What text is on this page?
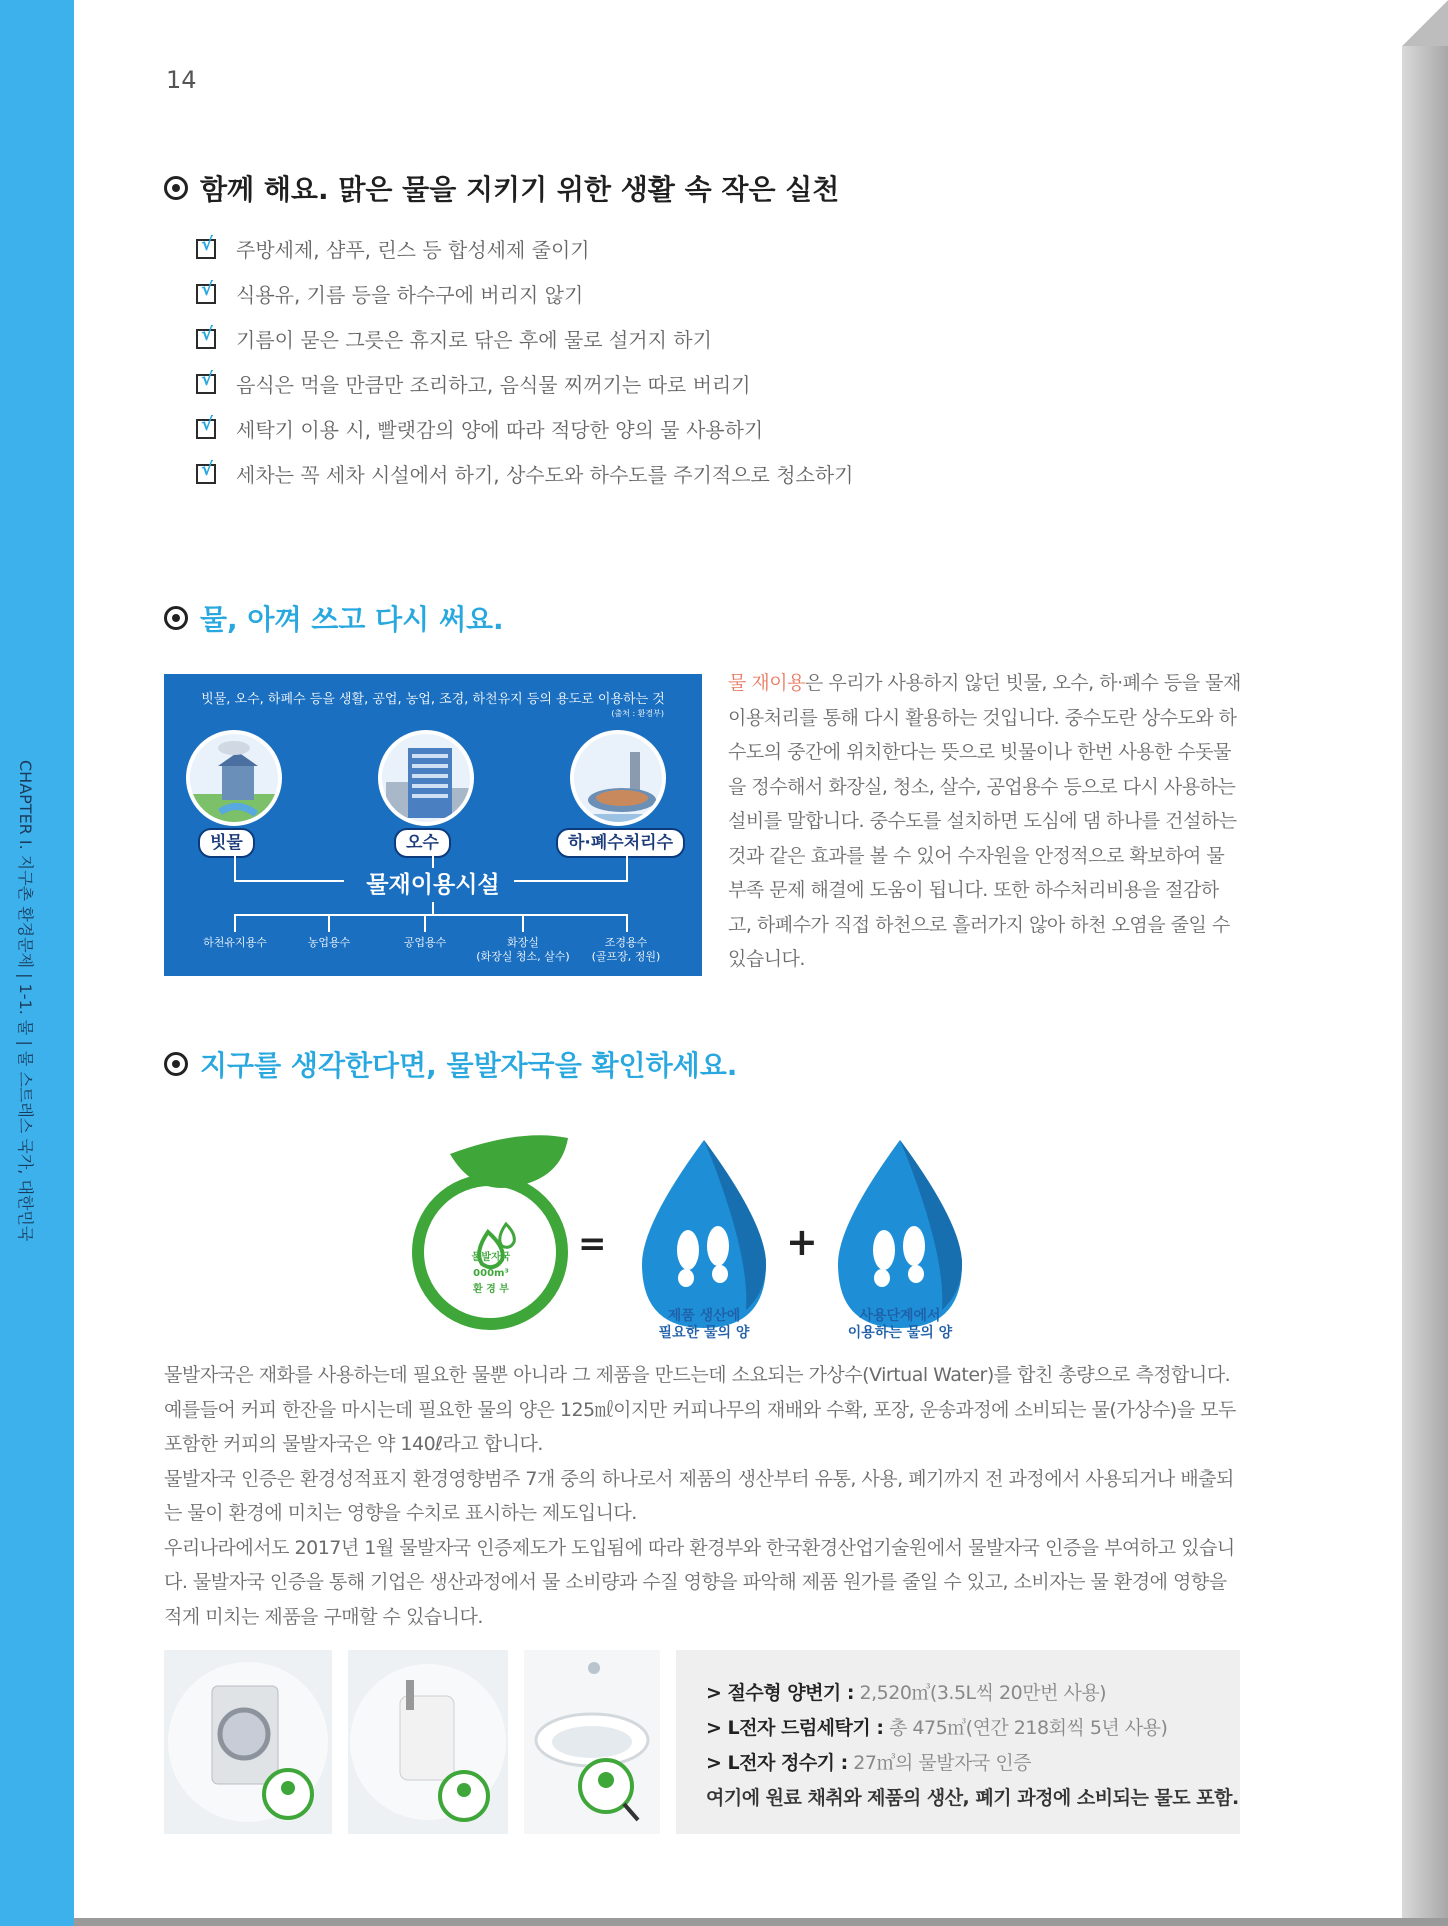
CHAPTER I. 지구촌 환경문제 | 1-1. 물 | 물 스트레스 국가, 대한민국
14
함께 해요. 맑은 물을 지키기 위한 생활 속 작은 실천
√ 주방세제, 샴푸, 린스 등 합성세제 줄이기
√ 식용유, 기름 등을 하수구에 버리지 않기
√ 기름이 묻은 그릇은 휴지로 닦은 후에 물로 설거지 하기
√ 음식은 먹을 만큼만 조리하고, 음식물 찌꺼기는 따로 버리기
√ 세탁기 이용 시, 빨랫감의 양에 따라 적당한 양의 물 사용하기
√ 세차는 꼭 세차 시설에서 하기, 상수도와 하수도를 주기적으로 청소하기
물, 아껴 쓰고 다시 써요.
빗물, 오수, 하폐수 등을 생활, 공업, 농업, 조경, 하천유지 등의 용도로 이용하는 것
(출처 : 환경부)
빗물	오수	하·폐수처리수
물재이용시설
하천유지용수	농업용수	공업용수	화장실
(화장실 청소, 살수)
조경용수
(골프장, 정원)

물 재이용은 우리가 사용하지 않던 빗물, 오수, 하·폐수 등을 물재이용처리를 통해 다시 활용하는 것입니다. 중수도란 상수도와 하수도의 중간에 위치한다는 뜻으로 빗물이나 한번 사용한 수돗물을 정수해서 화장실, 청소, 살수, 공업용수 등으로 다시 사용하는 설비를 말합니다. 중수도를 설치하면 도심에 댐 하나를 건설하는 것과 같은 효과를 볼 수 있어 수자원을 안정적으로 확보하여 물부족 문제 해결에 도움이 됩니다. 또한 하수처리비용을 절감하고, 하폐수가 직접 하천으로 흘러가지 않아 하천 오염을 줄일 수 있습니다.

지구를 생각한다면, 물발자국을 확인하세요.
물발자국 000m³
환 경 부
=	+
제품 생산에
필요한 물의 양
사용단계에서
이용하는 물의 양
물발자국은 재화를 사용하는데 필요한 물뿐 아니라 그 제품을 만드는데 소요되는 가상수(Virtual Water)를 합친 총량으로 측정합니다. 예를들어 커피 한잔을 마시는데 필요한 물의 양은 125㎖이지만 커피나무의 재배와 수확, 포장, 운송과정에 소비되는 물(가상수)을 모두 포함한 커피의 물발자국은 약 140ℓ라고 합니다.
물발자국 인증은 환경성적표지 환경영향범주 7개 중의 하나로서 제품의 생산부터 유통, 사용, 폐기까지 전 과정에서 사용되거나 배출되는 물이 환경에 미치는 영향을 수치로 표시하는 제도입니다.
우리나라에서도 2017년 1월 물발자국 인증제도가 도입됨에 따라 환경부와 한국환경산업기술원에서 물발자국 인증을 부여하고 있습니다. 물발자국 인증을 통해 기업은 생산과정에서 물 소비량과 수질 영향을 파악해 제품 원가를 줄일 수 있고, 소비자는 물 환경에 영향을 적게 미치는 제품을 구매할 수 있습니다.
> 절수형 양변기 : 2,520㎥(3.5L씩 20만번 사용)
> L전자 드럼세탁기 : 총 475㎥(연간 218회씩 5년 사용)
> L전자 정수기 : 27㎥의 물발자국 인증
여기에 원료 채취와 제품의 생산, 폐기 과정에 소비되는 물도 포함.
